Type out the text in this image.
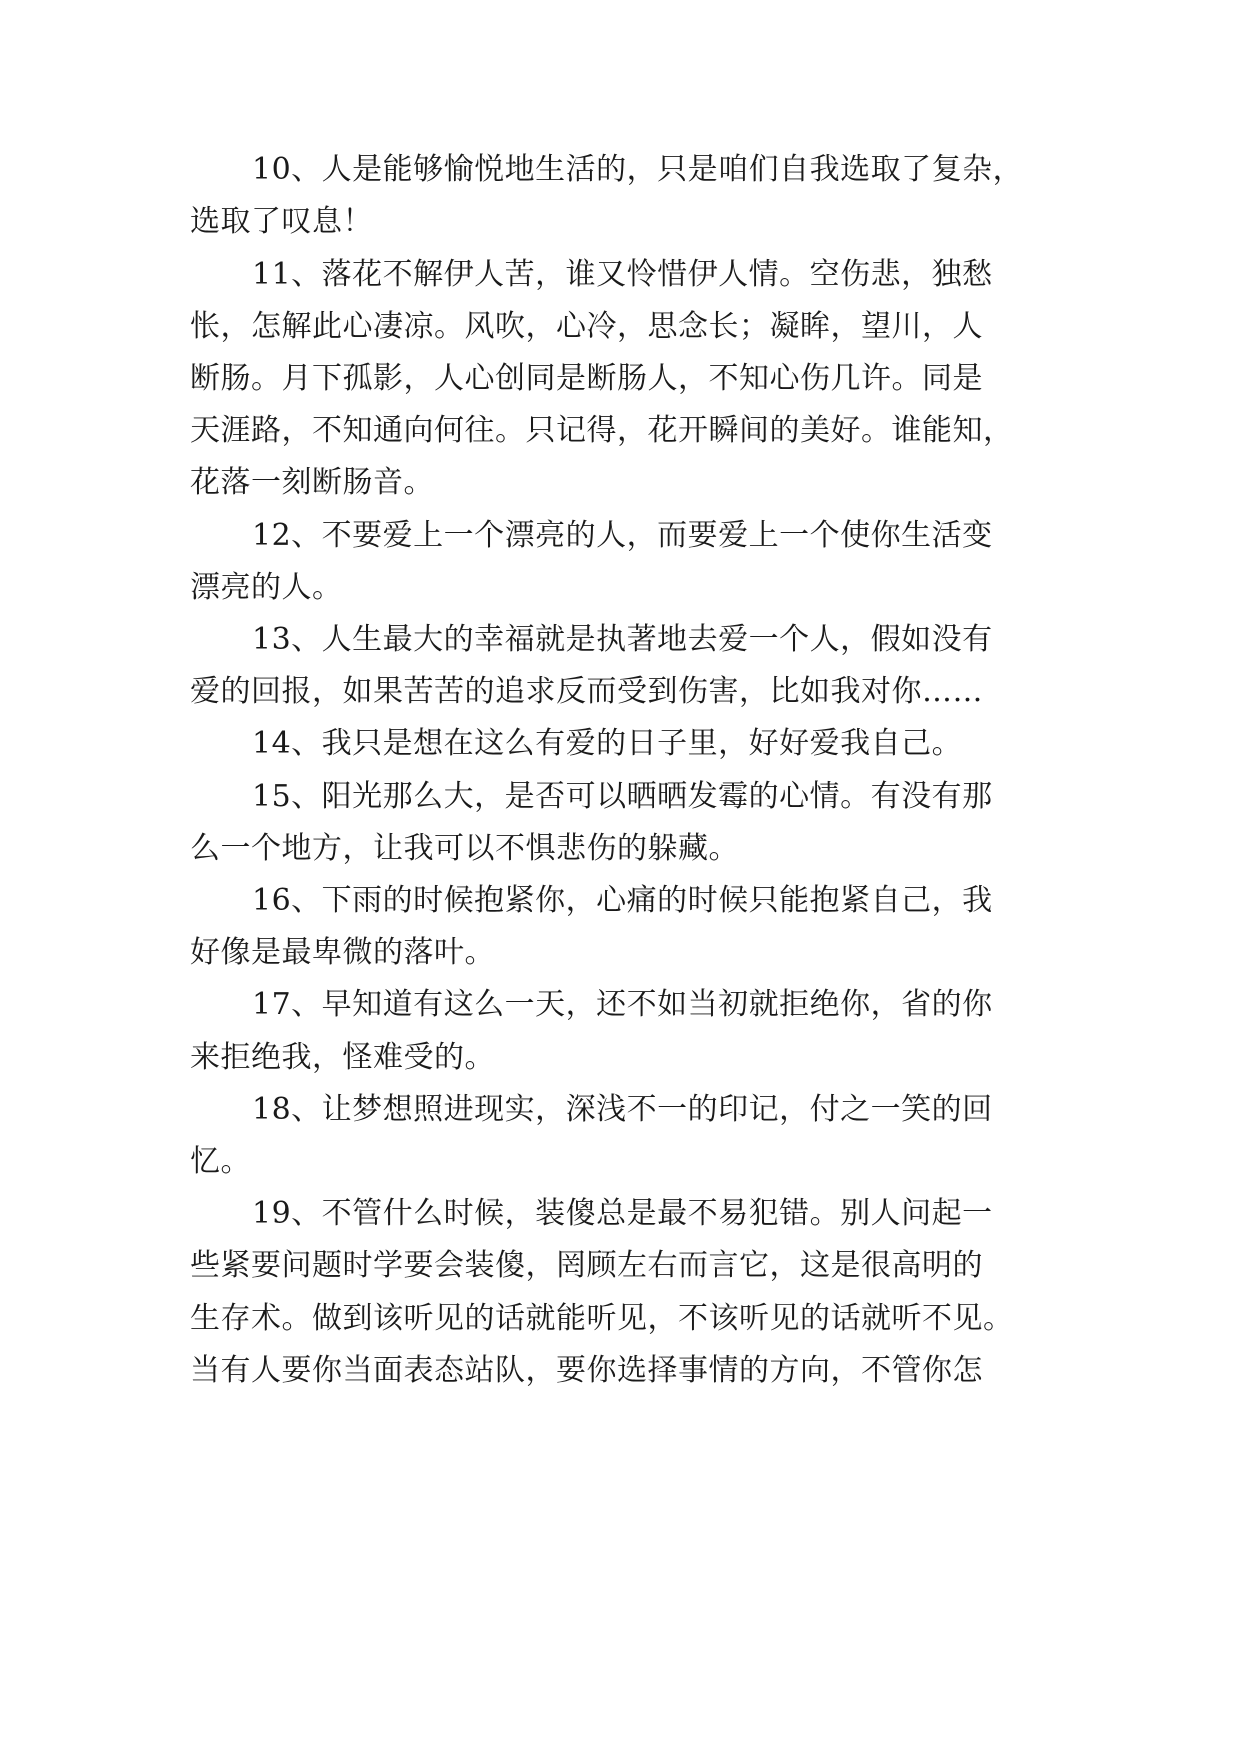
10、人是能够愉悦地生活的，只是咱们自我选取了复杂，
选取了叹息！
11、落花不解伊人苦，谁又怜惜伊人情。空伤悲，独愁
怅，怎解此心凄凉。风吹，心冷，思念长；凝眸，望川，人
断肠。月下孤影，人心创同是断肠人，不知心伤几许。同是
天涯路，不知通向何往。只记得，花开瞬间的美好。谁能知，
花落一刻断肠音。
12、不要爱上一个漂亮的人，而要爱上一个使你生活变
漂亮的人。
13、人生最大的幸福就是执著地去爱一个人，假如没有
爱的回报，如果苦苦的追求反而受到伤害，比如我对你……
14、我只是想在这么有爱的日子里，好好爱我自己。
15、阳光那么大，是否可以晒晒发霉的心情。有没有那
么一个地方，让我可以不惧悲伤的躲藏。
16、下雨的时候抱紧你，心痛的时候只能抱紧自己，我
好像是最卑微的落叶。
17、早知道有这么一天，还不如当初就拒绝你，省的你
来拒绝我，怪难受的。
18、让梦想照进现实，深浅不一的印记，付之一笑的回
忆。
19、不管什么时候，装傻总是最不易犯错。别人问起一
些紧要问题时学要会装傻，罔顾左右而言它，这是很高明的
生存术。做到该听见的话就能听见，不该听见的话就听不见。
当有人要你当面表态站队，要你选择事情的方向，不管你怎
